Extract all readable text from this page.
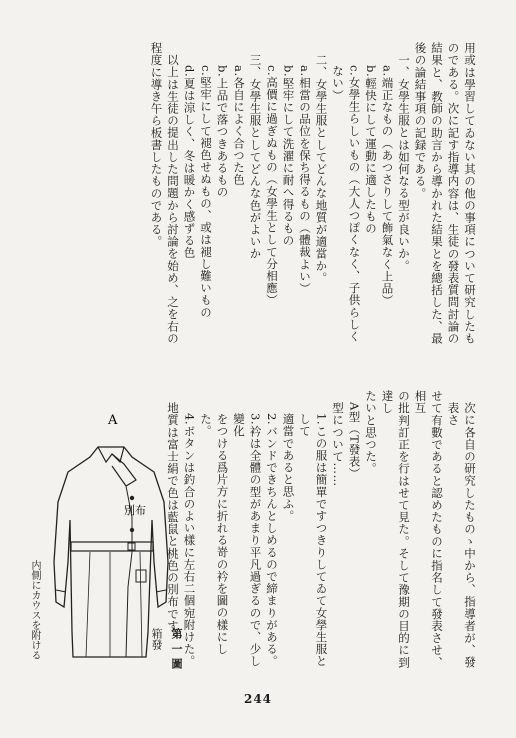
用或は學習してゐない其の他の事項について研究したも

のである。次に記す指導内容は、生徒の發表質問討論の

結果と、教師の助言から導かれた結果とを總括した、最

後の論結事項の記録である。

一、女學生服とは如何なる型が良いか。

a.端正なもの（あつさりして飾氣なく上品）

b.輕快にして運動に適したもの

c.女學生らしいもの（大人つぽくなく、子供らしく

ない）

二、女學生服としてどんな地質が適當か。

a.相當の品位を保ち得るもの（體裁よい）

b.堅牢にして洗濯に耐へ得るもの

c.高價に過ぎぬもの（女學生として分相應）

三、女學生服としてどんな色がよいか

a.各自によく合つた色

b.上品で落つきあるもの

c.堅牢にして褪色せぬもの、或は褪し難いもの

d.夏は涼しく、冬は暖かく感ずる色

以上は生徒の提出した問題から討論を始め、之を右の

程度に導き午ら板書したものである。

次に各自の研究したものゝ中から、指導者が、發表さ

せて有數であると認めたものに指名して發表させ、相互

の批判訂正を行はせて見た。そして豫期の目的に到達し

たいと思つた。

A型（T發表）

型について……

1.この服は簡單ですつきりしてゐて女學生服として

適當であると思ふ。

2.バンドできちんとしめるので締まりがある。

3.衿は全體の型があまり平凡過ぎるので、少し變化

をつける爲片方に折れる嵜の衿を圖の樣にした。

4.ボタンは釣合のよい樣に左右二個宛附けた。

地質は富士絹で色は藍鼠と桃色の別布です。

A
別布
内側にカウスを附ける	箱發 第一圖
244
